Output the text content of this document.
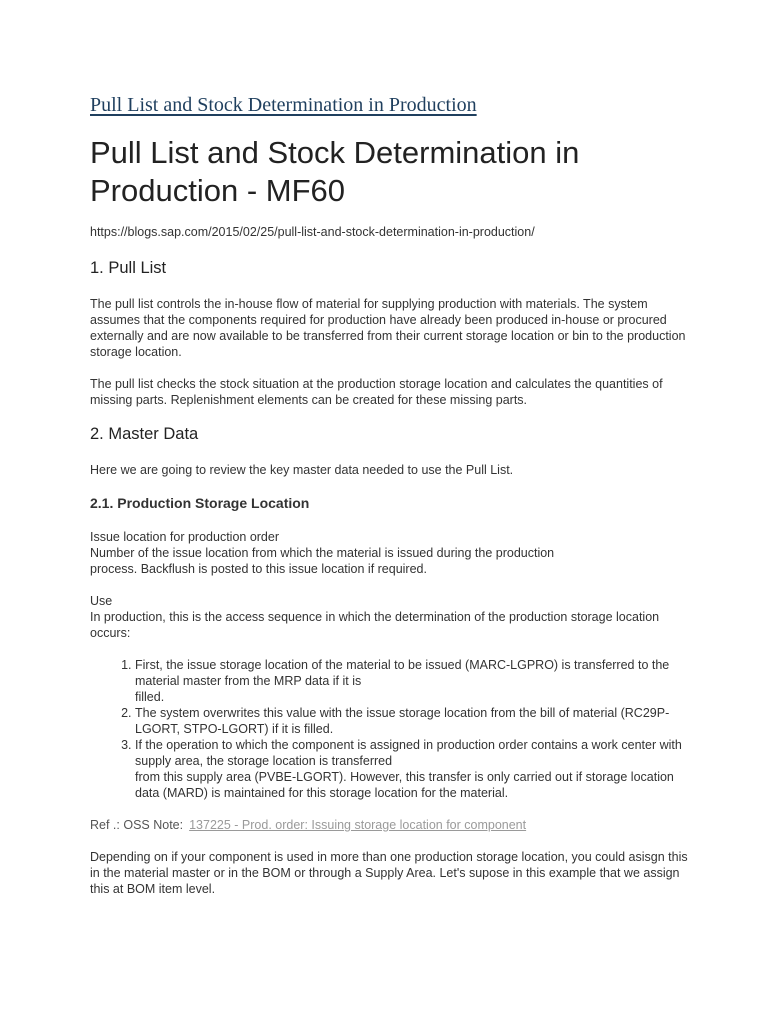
Pull List and Stock Determination in Production
Pull List and Stock Determination in Production - MF60

https://blogs.sap.com/2015/02/25/pull-list-and-stock-determination-in-production/

1. Pull List

The pull list controls the in-house flow of material for supplying production with materials. The system assumes that the components required for production have already been produced in-house or procured externally and are now available to be transferred from their current storage location or bin to the production storage location.

The pull list checks the stock situation at the production storage location and calculates the quantities of missing parts. Replenishment elements can be created for these missing parts.

2. Master Data

Here we are going to review the key master data needed to use the Pull List.

2.1. Production Storage Location

Issue location for production order
Number of the issue location from which the material is issued during the production
process. Backflush is posted to this issue location if required.

Use
In production, this is the access sequence in which the determination of the production storage location occurs:

1. First, the issue storage location of the material to be issued (MARC-LGPRO) is transferred to the material master from the MRP data if it is
filled.
2. The system overwrites this value with the issue storage location from the bill of material (RC29P-LGORT, STPO-LGORT) if it is filled.
3. If the operation to which the component is assigned in production order contains a work center with supply area, the storage location is transferred
from this supply area (PVBE-LGORT). However, this transfer is only carried out if storage location data (MARD) is maintained for this storage location for the material.

Ref .: OSS Note: 137225 - Prod. order: Issuing storage location for component

Depending on if your component is used in more than one production storage location, you could asisgn this in the material master or in the BOM or through a Supply Area. Let's supose in this example that we assign this at BOM item level.
